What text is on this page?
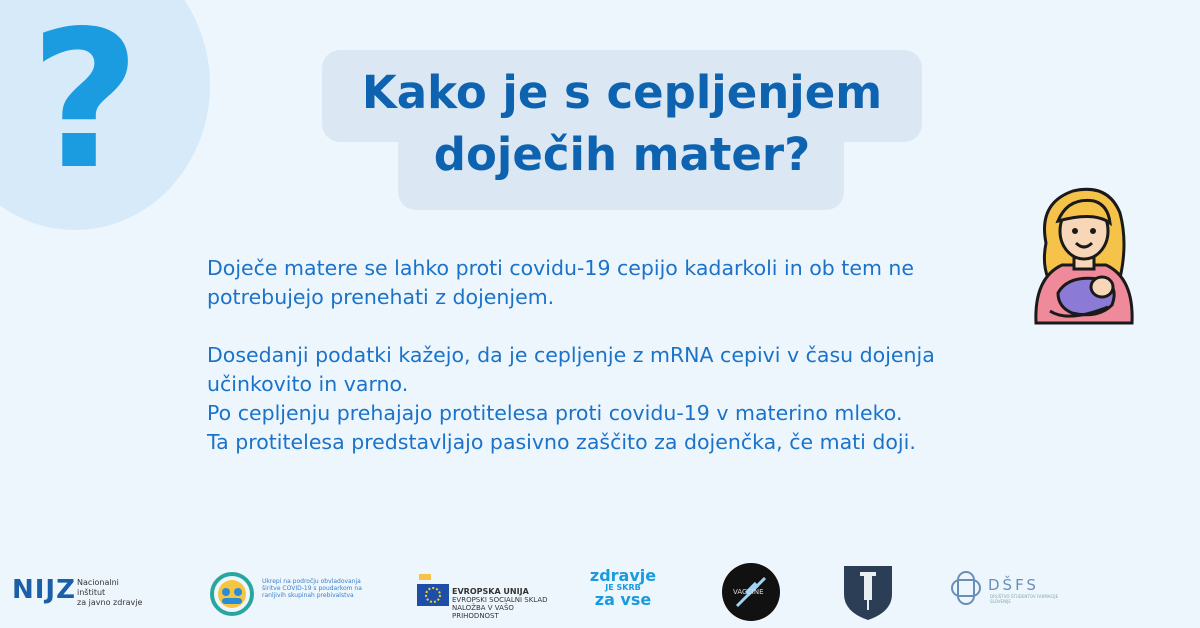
?	Kako je s cepljenjem
doječih mater?

Doječe matere se lahko proti covidu-19 cepijo kadarkoli in ob tem ne

potrebujejo prenehati z dojenjem.

Dosedanji podatki kažejo, da je cepljenje z mRNA cepivi v času dojenja

učinkovito in varno.

Po cepljenju prehajajo protitelesa proti covidu-19 v materino mleko.

Ta protitelesa predstavljajo pasivno zaščito za dojenčka, če mati doji.

NIJZ Nacionalni inštitut
za javno zdravje
Ukrepi na področju obvladovanja širitve COVID-19 s poudarkom na ranljivih skupinah prebivalstva	EVROPSKA UNIJA
EVROPSKI SOCIALNI SKLAD
NALOŽBA V VAŠO PRIHODNOST
zdravje
JE SKRB
za vse	VACCINE	DŠFS
DRUŠTVO ŠTUDENTOV FARMACIJE SLOVENIJE
